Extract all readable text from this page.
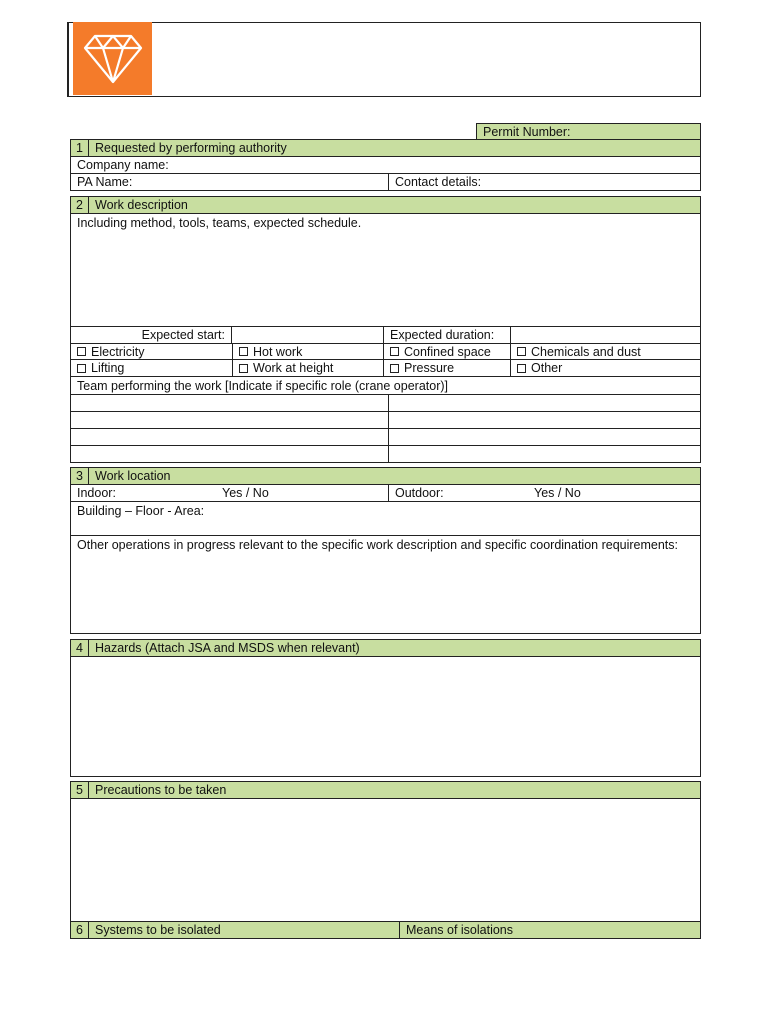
Permit Number:
1 Requested by performing authority
Company name:
PA Name:	Contact details:
2 Work description
Including method, tools, teams, expected schedule.
Expected start:	Expected duration:
Electricity	Hot work	Confined space	Chemicals and dust
Lifting	Work at height	Pressure	Other
Team performing the work [Indicate if specific role (crane operator)]
3 Work location
Indoor:	Yes / No	Outdoor:	Yes / No
Building – Floor - Area:
Other operations in progress relevant to the specific work description and specific coordination requirements:
4 Hazards (Attach JSA and MSDS when relevant)
5 Precautions to be taken
6 Systems to be isolated	Means of isolations
